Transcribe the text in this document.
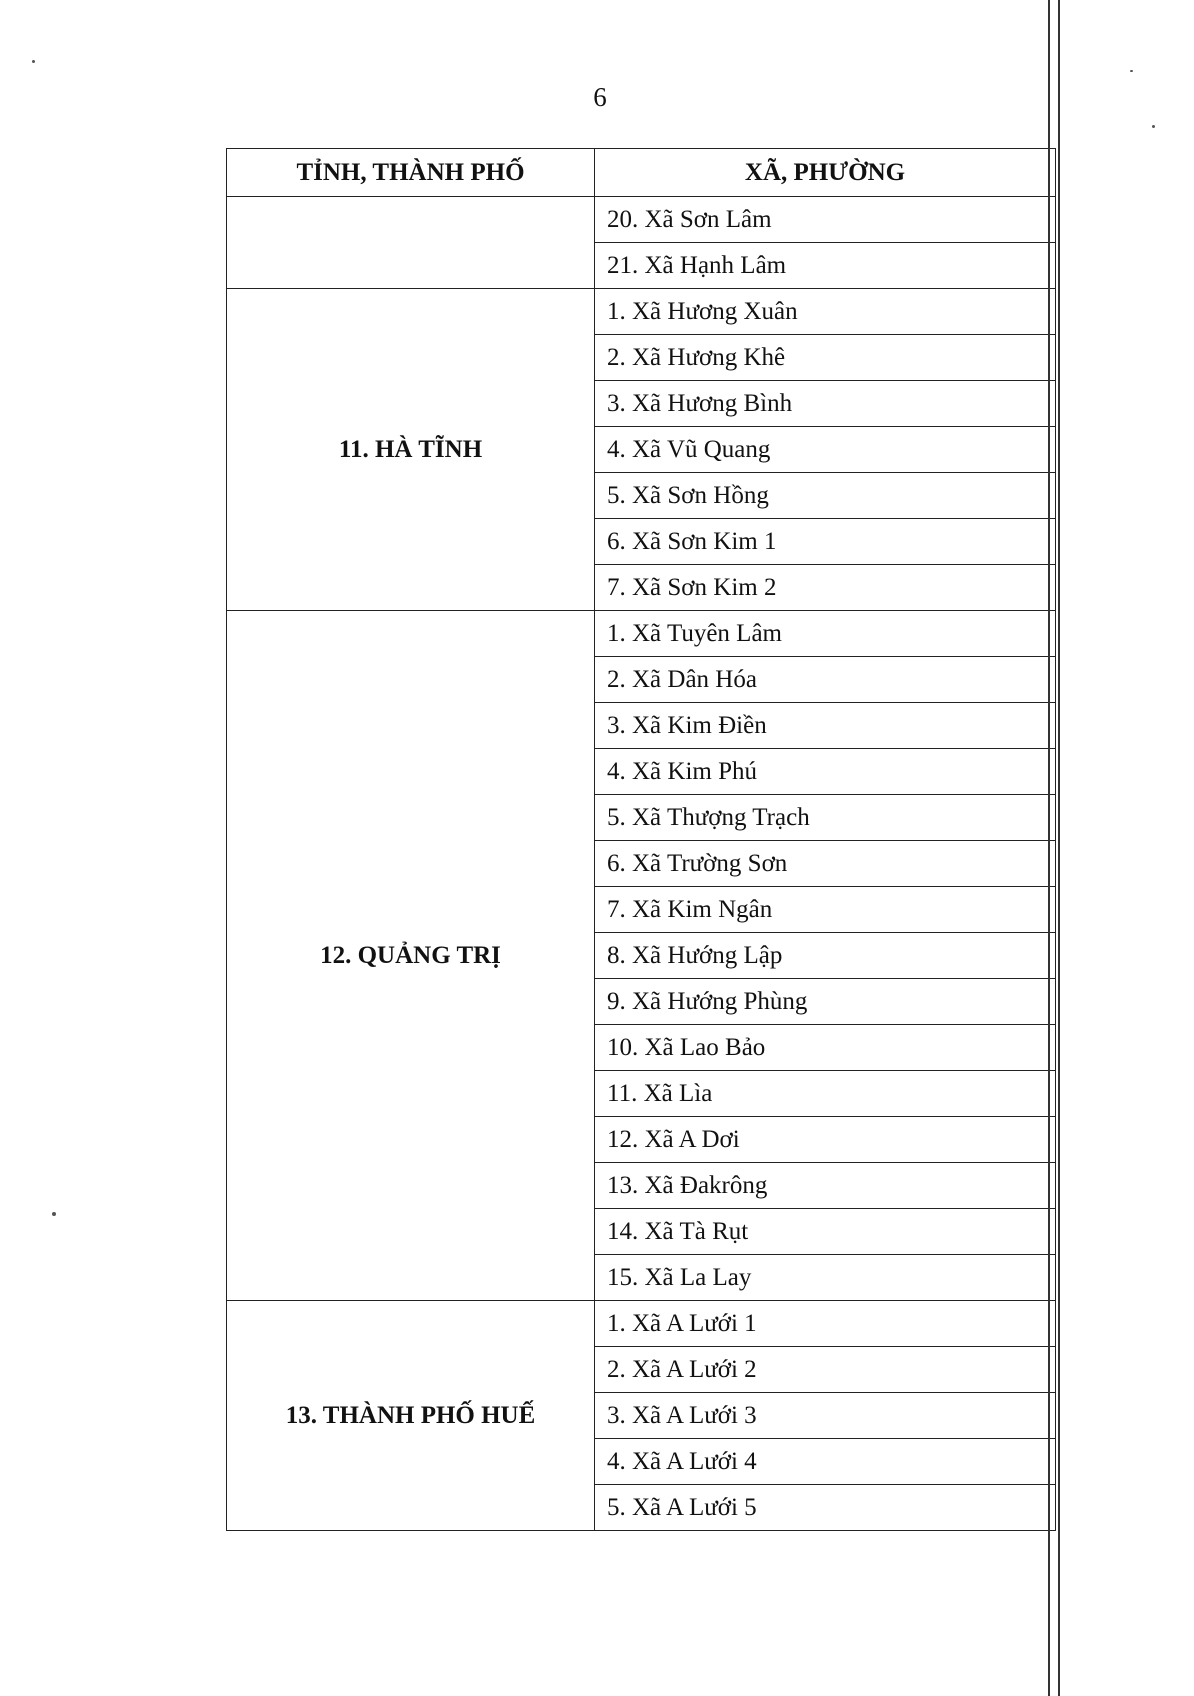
6
TỈNH, THÀNH PHỐ	XÃ, PHƯỜNG
	20. Xã Sơn Lâm
	21. Xã Hạnh Lâm
11. HÀ TĨNH	1. Xã Hương Xuân
	2. Xã Hương Khê
	3. Xã Hương Bình
	4. Xã Vũ Quang
	5. Xã Sơn Hồng
	6. Xã Sơn Kim 1
	7. Xã Sơn Kim 2
12. QUẢNG TRỊ	1. Xã Tuyên Lâm
	2. Xã Dân Hóa
	3. Xã Kim Điền
	4. Xã Kim Phú
	5. Xã Thượng Trạch
	6. Xã Trường Sơn
	7. Xã Kim Ngân
	8. Xã Hướng Lập
	9. Xã Hướng Phùng
	10. Xã Lao Bảo
	11. Xã Lìa
	12. Xã A Dơi
	13. Xã Đakrông
	14. Xã Tà Rụt
	15. Xã La Lay
13. THÀNH PHỐ HUẾ	1. Xã A Lưới 1
	2. Xã A Lưới 2
	3. Xã A Lưới 3
	4. Xã A Lưới 4
	5. Xã A Lưới 5
